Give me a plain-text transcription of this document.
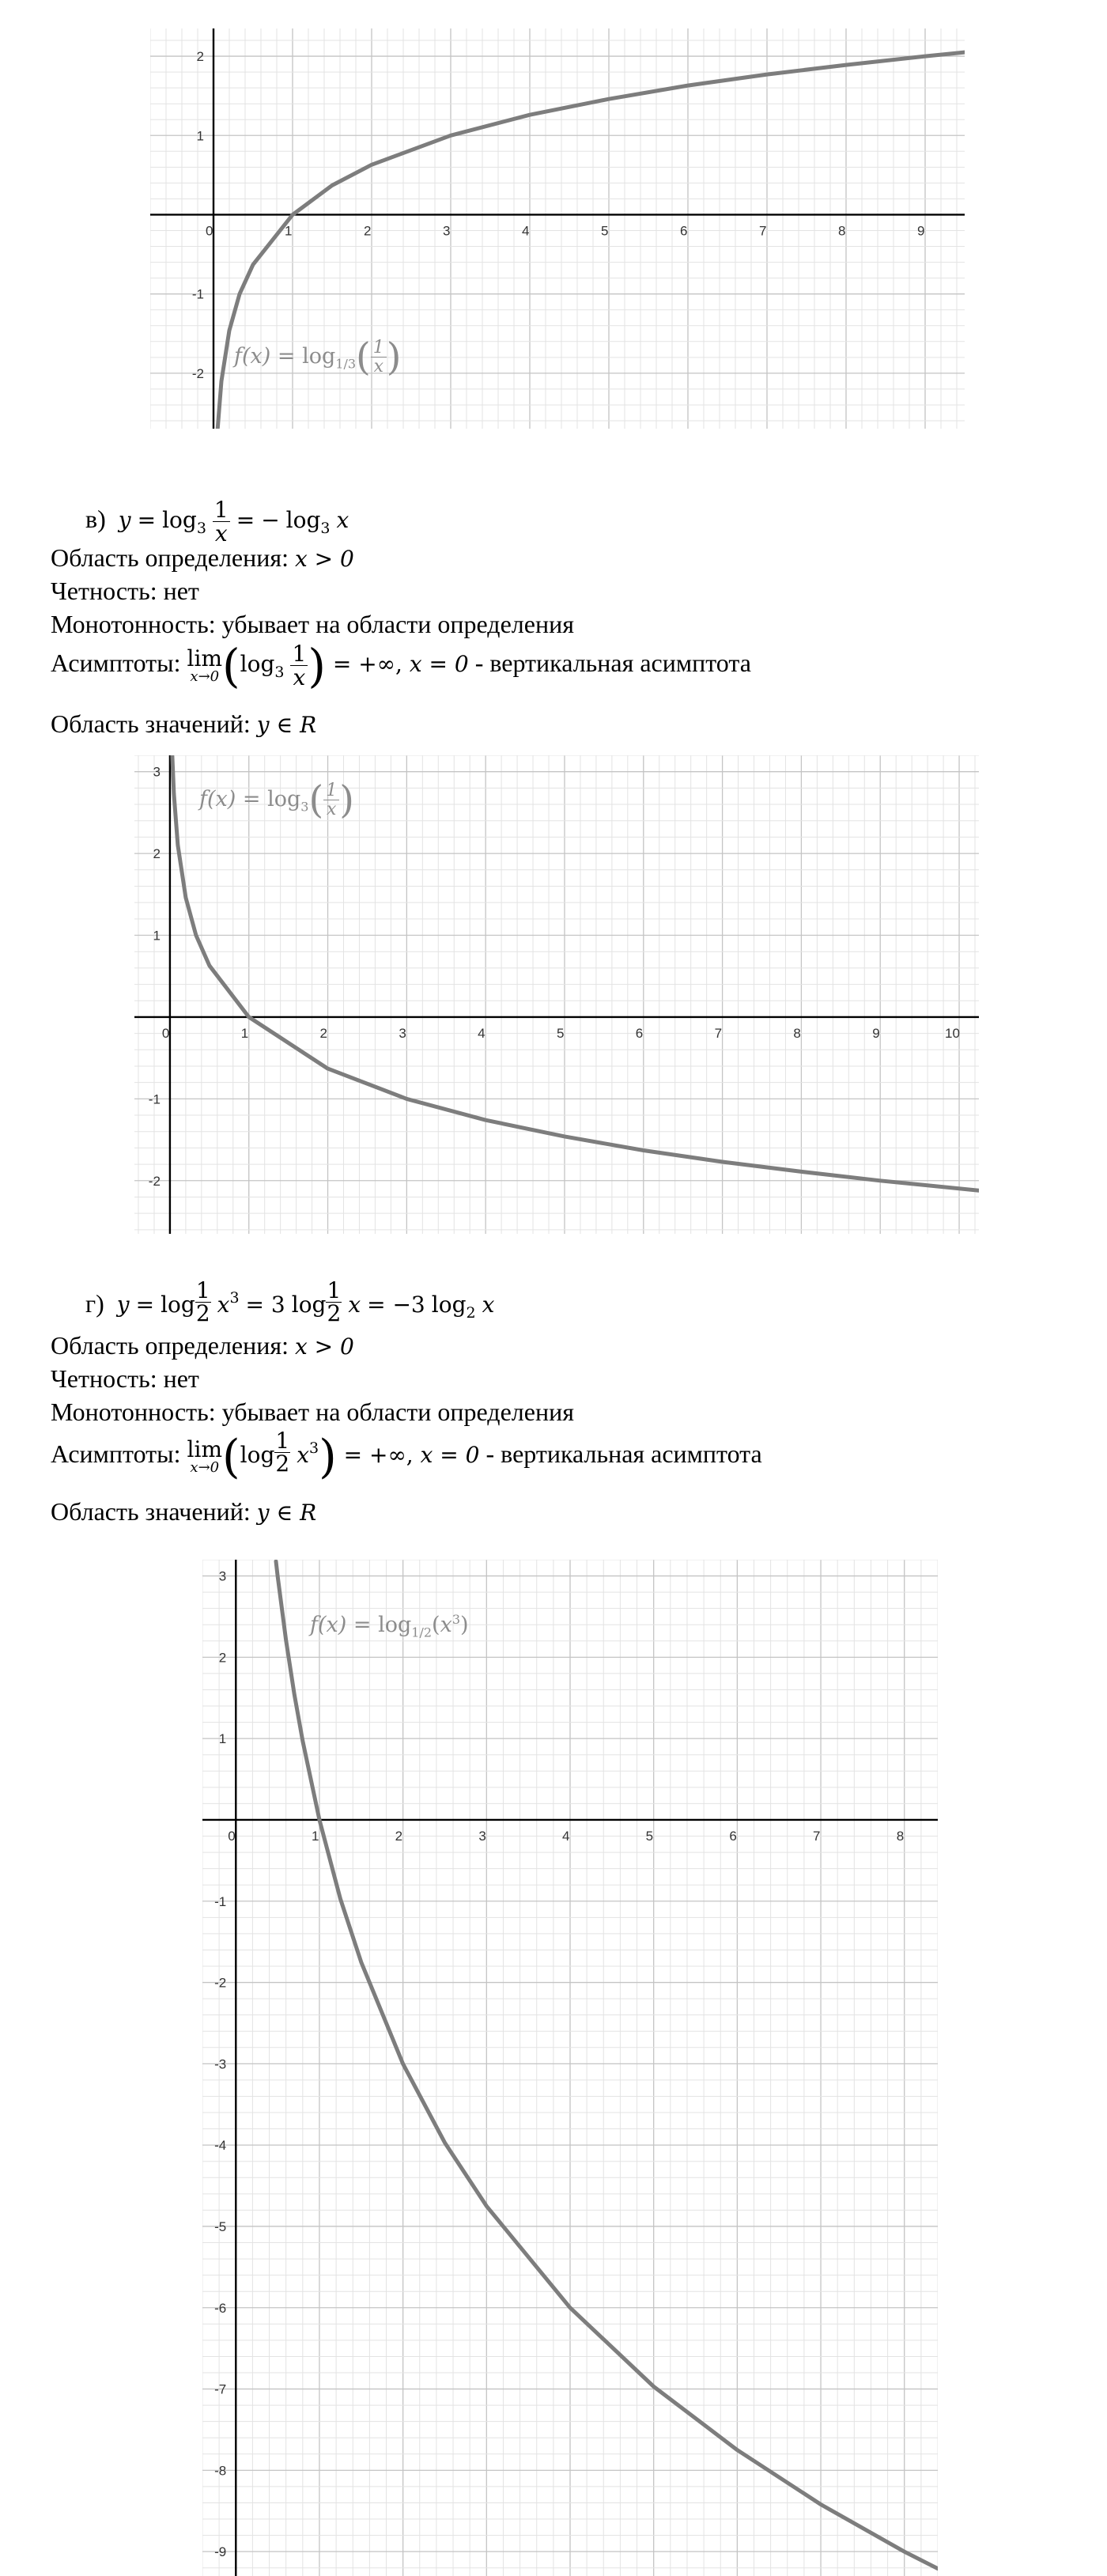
0	1	2	3	4	5	6	7	8	9
-2
-1
1
2
$f(x) = \log_{1/3}( \frac{1}{x}$ )
в) $y = \log_3 \frac{1}{x}$ = − $\log_3 x$
Область определения: x > 0
Четность: нет
Монотонность: убывает на области определения
Асимптоты: lim
x→0 ($\log_3 \frac{1}{x}$ ) = +∞, x = 0 - вертикальная асимптота
Область значений: y ∈ R
0	1	2	3	4	5	6	7	8	9	10
-2
-1
1
2
3
$f(x) = \log_3( \frac{1}{x}$ )
г) $y = \log \frac{1}{2} x^3 = 3$ $\log \frac{1}{2}$ x = −3 $\log_2 x$
Область определения: x > 0
Четность: нет
Монотонность: убывает на области определения
Асимптоты: lim
x→0 $(\log \frac{1}{2} x^3)$ = +∞, x = 0 - вертикальная асимптота
Область значений: y ∈ R
0	1	2	3	4	5	6	7	8
-9
-8
-7
-6
-5
-4
-3
-2
-1
1
2
3
$f(x) = \log_{1/2}(x^3)$
